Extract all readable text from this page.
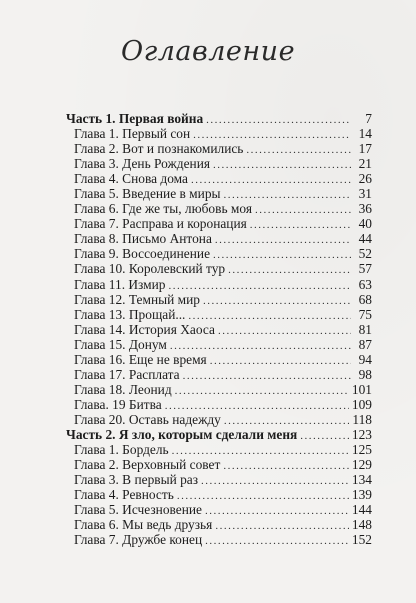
Оглавление
Часть 1. Первая война .....	7
Глава 1. Первый сон .....	14
Глава 2. Вот и познакомились .....	17
Глава 3. День Рождения .....	21
Глава 4. Снова дома .....	26
Глава 5. Введение в миры .....	31
Глава 6. Где же ты, любовь моя .....	36
Глава 7. Расправа и коронация .....	40
Глава 8. Письмо Антона .....	44
Глава 9. Воссоединение .....	52
Глава 10. Королевский тур .....	57
Глава 11. Измир .....	63
Глава 12. Темный мир .....	68
Глава 13. Прощай... .....	75
Глава 14. История Хаоса .....	81
Глава 15. Донум .....	87
Глава 16. Еще не время .....	94
Глава 17. Расплата .....	98
Глава 18. Леонид .....	101
Глава. 19 Битва .....	109
Глава 20. Оставь надежду .....	118
Часть 2. Я зло, которым сделали меня .....	123
Глава 1. Бордель .....	125
Глава 2. Верховный совет .....	129
Глава 3. В первый раз .....	134
Глава 4. Ревность .....	139
Глава 5. Исчезновение .....	144
Глава 6. Мы ведь друзья .....	148
Глава 7. Дружбе конец .....	152
